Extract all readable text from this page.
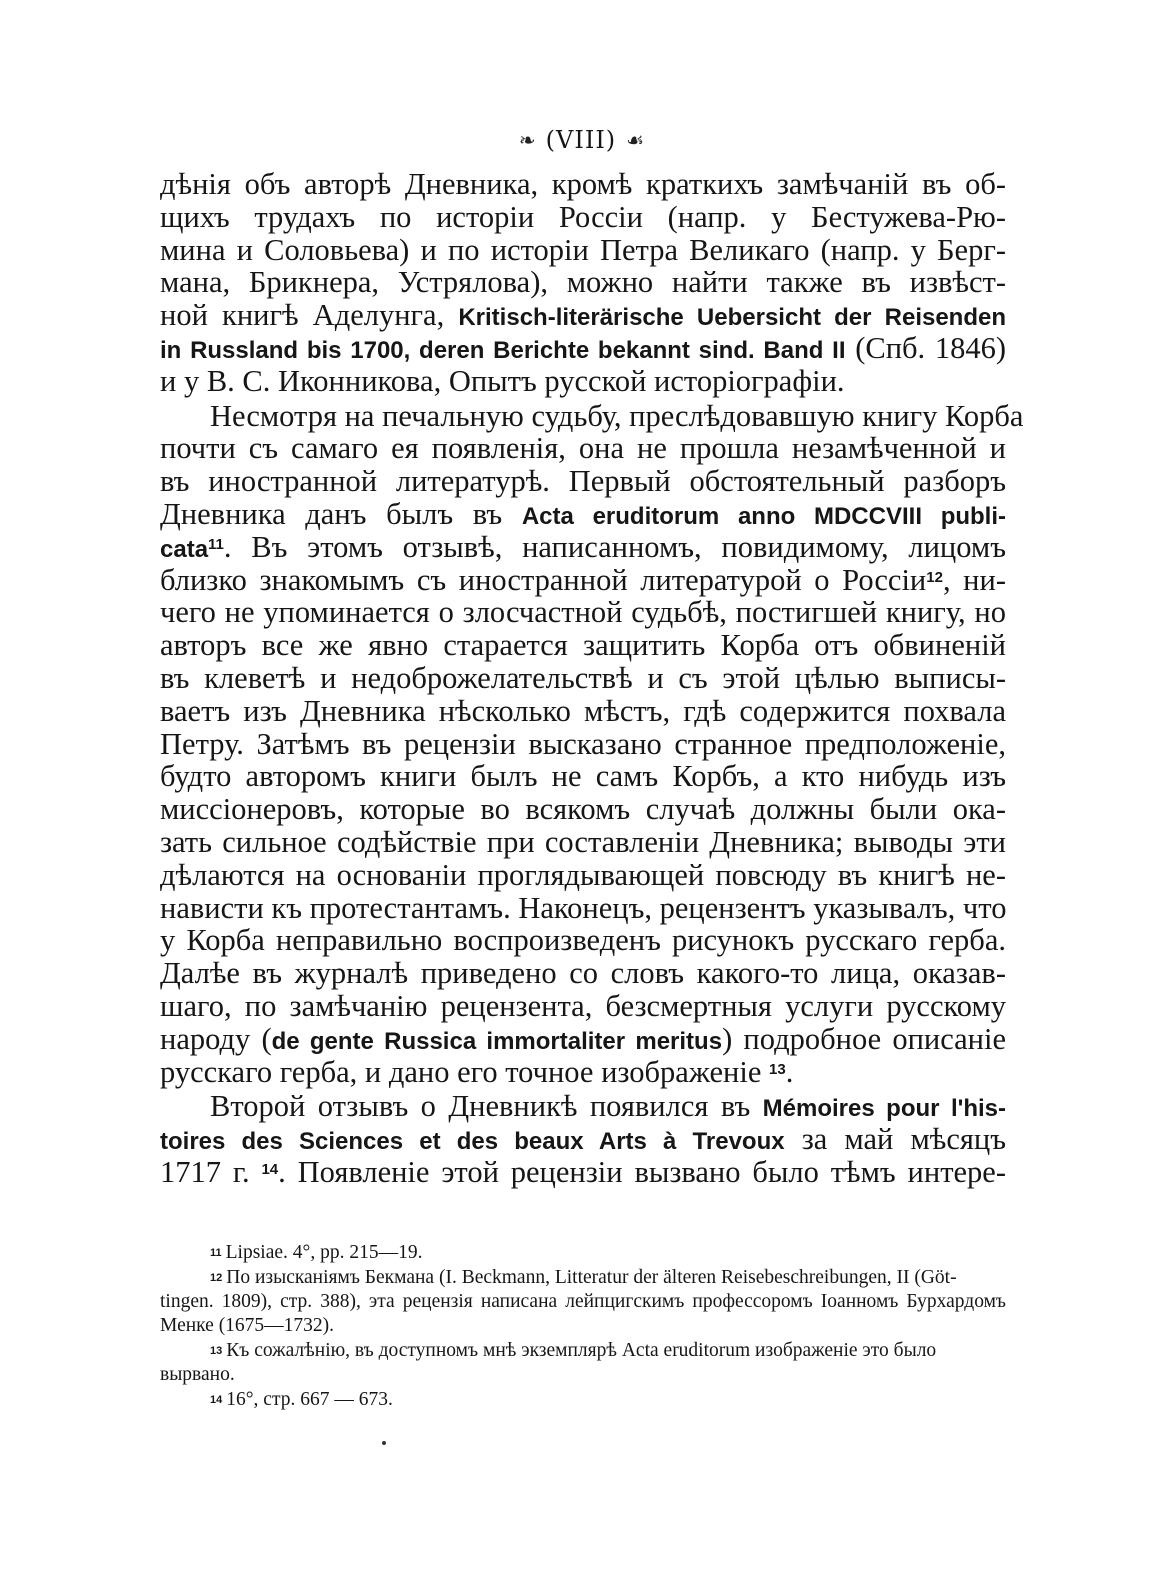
❧ (VIII) ☙
дѣнія объ авторѣ Дневника, кромѣ краткихъ замѣчаній въ об-
щихъ трудахъ по исторіи Россіи (напр. у Бестужева-Рю-
мина и Соловьева) и по исторіи Петра Великаго (напр. у Берг-
мана, Брикнера, Устрялова), можно найти также въ извѣст-
ной книгѣ Аделунга, Kritisch-literärische Uebersicht der Reisenden
in Russland bis 1700, deren Berichte bekannt sind. Band II (Спб. 1846)
и у В. С. Иконникова, Опытъ русской исторіографіи.
Несмотря на печальную судьбу, преслѣдовавшую книгу Корба
почти съ самаго ея появленія, она не прошла незамѣченной и
въ иностранной литературѣ. Первый обстоятельный разборъ
Дневника данъ былъ въ Acta eruditorum anno MDCCVIII publi-
cata$^{11}$. Въ этомъ отзывѣ, написанномъ, повидимому, лицомъ
близко знакомымъ съ иностранной литературой о Россіи$^{12}$, ни-
чего не упоминается о злосчастной судьбѣ, постигшей книгу, но
авторъ все же явно старается защитить Корба отъ обвиненій
въ клеветѣ и недоброжелательствѣ и съ этой цѣлью выписы-
ваетъ изъ Дневника нѣсколько мѣстъ, гдѣ содержится похвала
Петру. Затѣмъ въ рецензіи высказано странное предположеніе,
будто авторомъ книги былъ не самъ Корбъ, а кто нибудь изъ
миссіонеровъ, которые во всякомъ случаѣ должны были ока-
зать сильное содѣйствіе при составленіи Дневника; выводы эти
дѣлаются на основаніи проглядывающей повсюду въ книгѣ не-
нависти къ протестантамъ. Наконецъ, рецензентъ указывалъ, что
у Корба неправильно воспроизведенъ рисунокъ русскаго герба.
Далѣе въ журналѣ приведено со словъ какого-то лица, оказав-
шаго, по замѣчанію рецензента, безсмертныя услуги русскому
народу (de gente Russica immortaliter meritus) подробное описаніе
русскаго герба, и дано его точное изображеніе $^{13}$.
Второй отзывъ о Дневникѣ появился въ Mémoires pour l'his-
toires des Sciences et des beaux Arts à Trevoux за май мѣсяцъ
1717 г. $^{14}$. Появленіе этой рецензіи вызвано было тѣмъ интере-
$^{11}$ Lipsiae. 4°, pp. 215—19.
$^{12}$ По изысканіямъ Бекмана (I. Beckmann, Litteratur der älteren Reisebeschreibungen, II (Göt-
tingen. 1809), стр. 388), эта рецензія написана лейпцигскимъ профессоромъ Іоанномъ Бурхардомъ
Менке (1675—1732).
$^{13}$ Къ сожалѣнію, въ доступномъ мнѣ экземплярѣ Acta eruditorum изображеніе это было
вырвано.
$^{14}$ 16°, стр. 667 — 673.
